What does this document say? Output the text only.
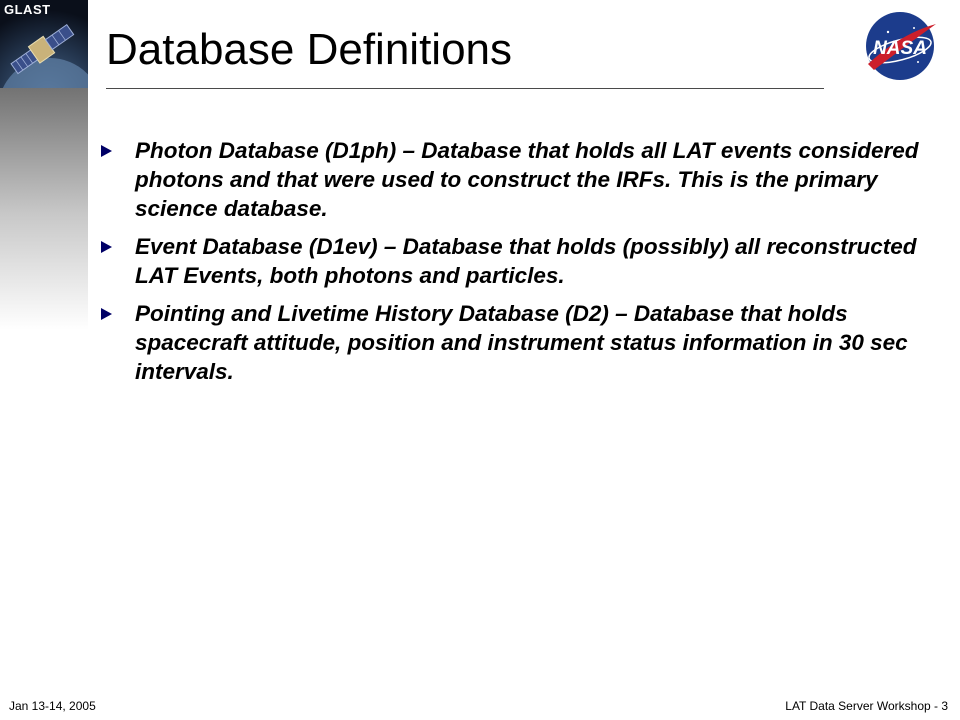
GLAST
Database Definitions	NASA
Photon Database (D1ph) – Database that holds all LAT events considered photons and that were used to construct the IRFs. This is the primary science database.
Event Database (D1ev) – Database that holds (possibly) all reconstructed LAT Events, both photons and particles.
Pointing and Livetime History Database (D2) – Database that holds spacecraft attitude, position and instrument status information in 30 sec intervals.
Jan 13-14, 2005	LAT Data Server Workshop - 3
